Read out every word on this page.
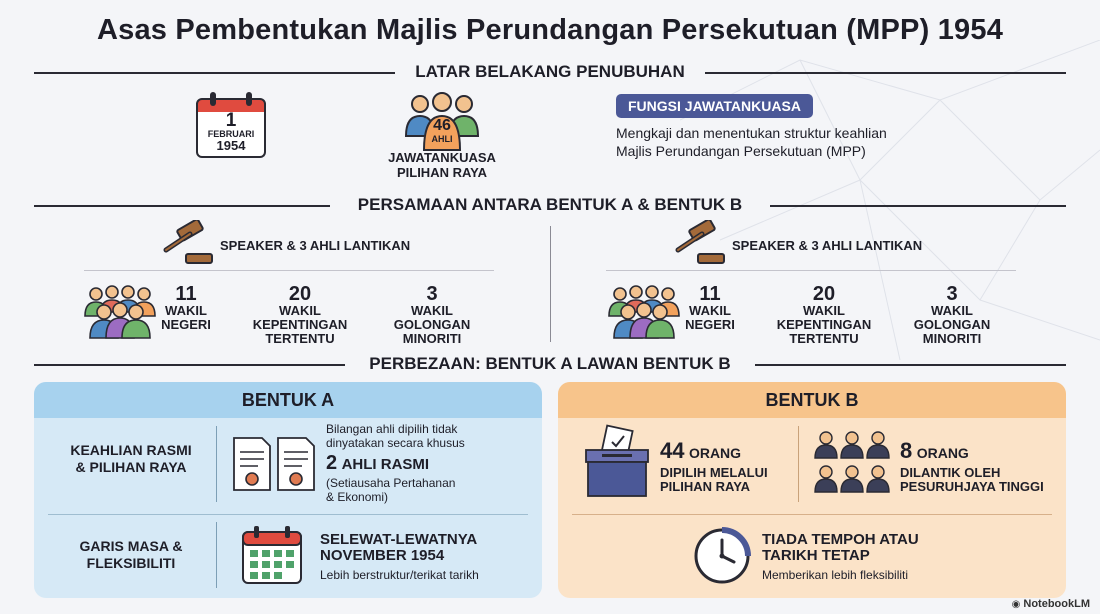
Asas Pembentukan Majlis Perundangan Persekutuan (MPP) 1954
LATAR BELAKANG PENUBUHAN
1
FEBRUARI
1954
46
AHLI
JAWATANKUASA
PILIHAN RAYA
FUNGSI JAWATANKUASA
Mengkaji dan menentukan struktur keahlian
Majlis Perundangan Persekutuan (MPP)
PERSAMAAN ANTARA BENTUK A & BENTUK B
SPEAKER & 3 AHLI LANTIKAN
11
WAKIL
NEGERI
20
WAKIL
KEPENTINGAN
TERTENTU
3
WAKIL
GOLONGAN
MINORITI
SPEAKER & 3 AHLI LANTIKAN
11
WAKIL
NEGERI
20
WAKIL
KEPENTINGAN
TERTENTU
3
WAKIL
GOLONGAN
MINORITI
PERBEZAAN: BENTUK A LAWAN BENTUK B
BENTUK A
KEAHLIAN RASMI
& PILIHAN RAYA
Bilangan ahli dipilih tidak
dinyatakan secara khusus
2 AHLI RASMI
(Setiausaha Pertahanan
& Ekonomi)
GARIS MASA &
FLEKSIBILITI
SELEWAT-LEWATNYA
NOVEMBER 1954
Lebih berstruktur/terikat tarikh
BENTUK B
44 ORANG
DIPILIH MELALUI
PILIHAN RAYA
8 ORANG
DILANTIK OLEH
PESURUHJAYA TINGGI
TIADA TEMPOH ATAU
TARIKH TETAP
Memberikan lebih fleksibiliti
◉ NotebookLM
